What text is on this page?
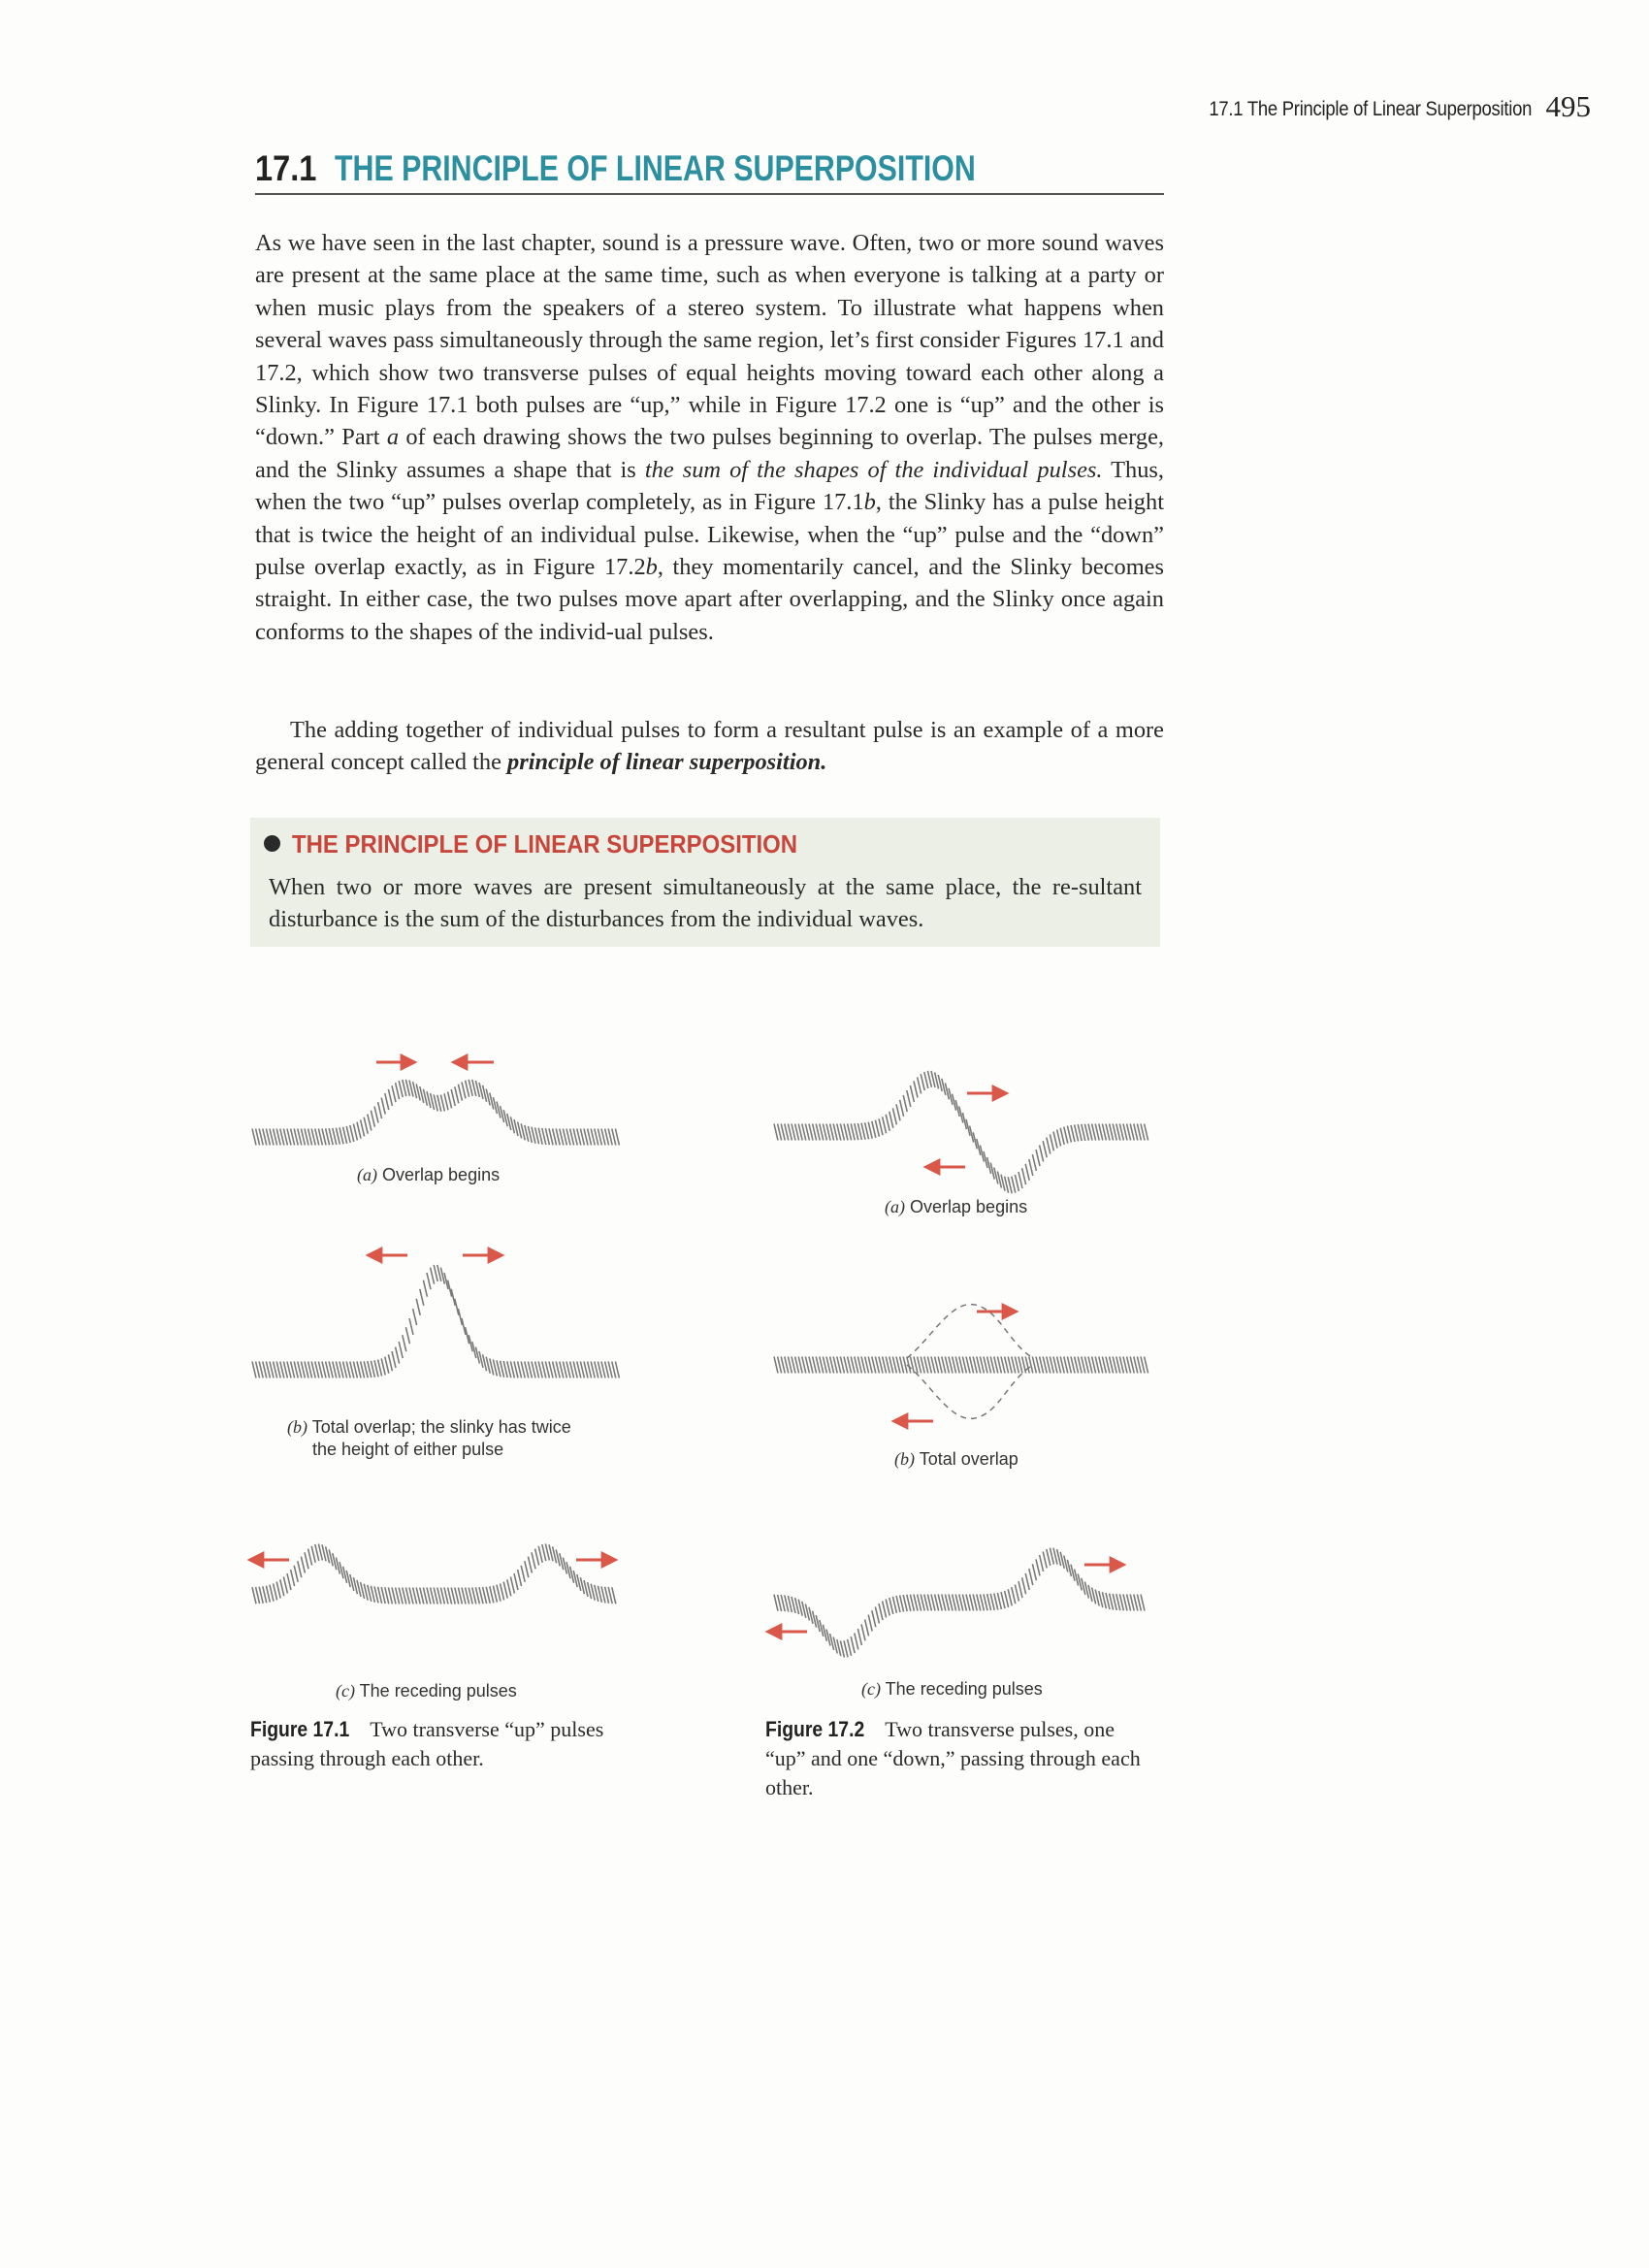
17.1 The Principle of Linear Superposition 495
17.1 THE PRINCIPLE OF LINEAR SUPERPOSITION

As we have seen in the last chapter, sound is a pressure wave. Often, two or more sound waves are present at the same place at the same time, such as when everyone is talking at a party or when music plays from the speakers of a stereo system. To illustrate what happens when several waves pass simultaneously through the same region, let’s first consider Figures 17.1 and 17.2, which show two transverse pulses of equal heights moving toward each other along a Slinky. In Figure 17.1 both pulses are “up,” while in Figure 17.2 one is “up” and the other is “down.” Part a of each drawing shows the two pulses beginning to overlap. The pulses merge, and the Slinky assumes a shape that is the sum of the shapes of the individual pulses. Thus, when the two “up” pulses overlap completely, as in Figure 17.1b, the Slinky has a pulse height that is twice the height of an individual pulse. Likewise, when the “up” pulse and the “down” pulse overlap exactly, as in Figure 17.2b, they momentarily cancel, and the Slinky becomes straight. In either case, the two pulses move apart after overlapping, and the Slinky once again conforms to the shapes of the individ-ual pulses.

The adding together of individual pulses to form a resultant pulse is an example of a more general concept called the principle of linear superposition.

THE PRINCIPLE OF LINEAR SUPERPOSITION

When two or more waves are present simultaneously at the same place, the re-sultant disturbance is the sum of the disturbances from the individual waves.

(a) Overlap begins
(b) Total overlap; the slinky has twice
the height of either pulse
(c) The receding pulses
(a) Overlap begins
(b) Total overlap
(c) The receding pulses
Figure 17.1 Two transverse “up” pulses passing through each other.
Figure 17.2 Two transverse pulses, one “up” and one “down,” passing through each other.
